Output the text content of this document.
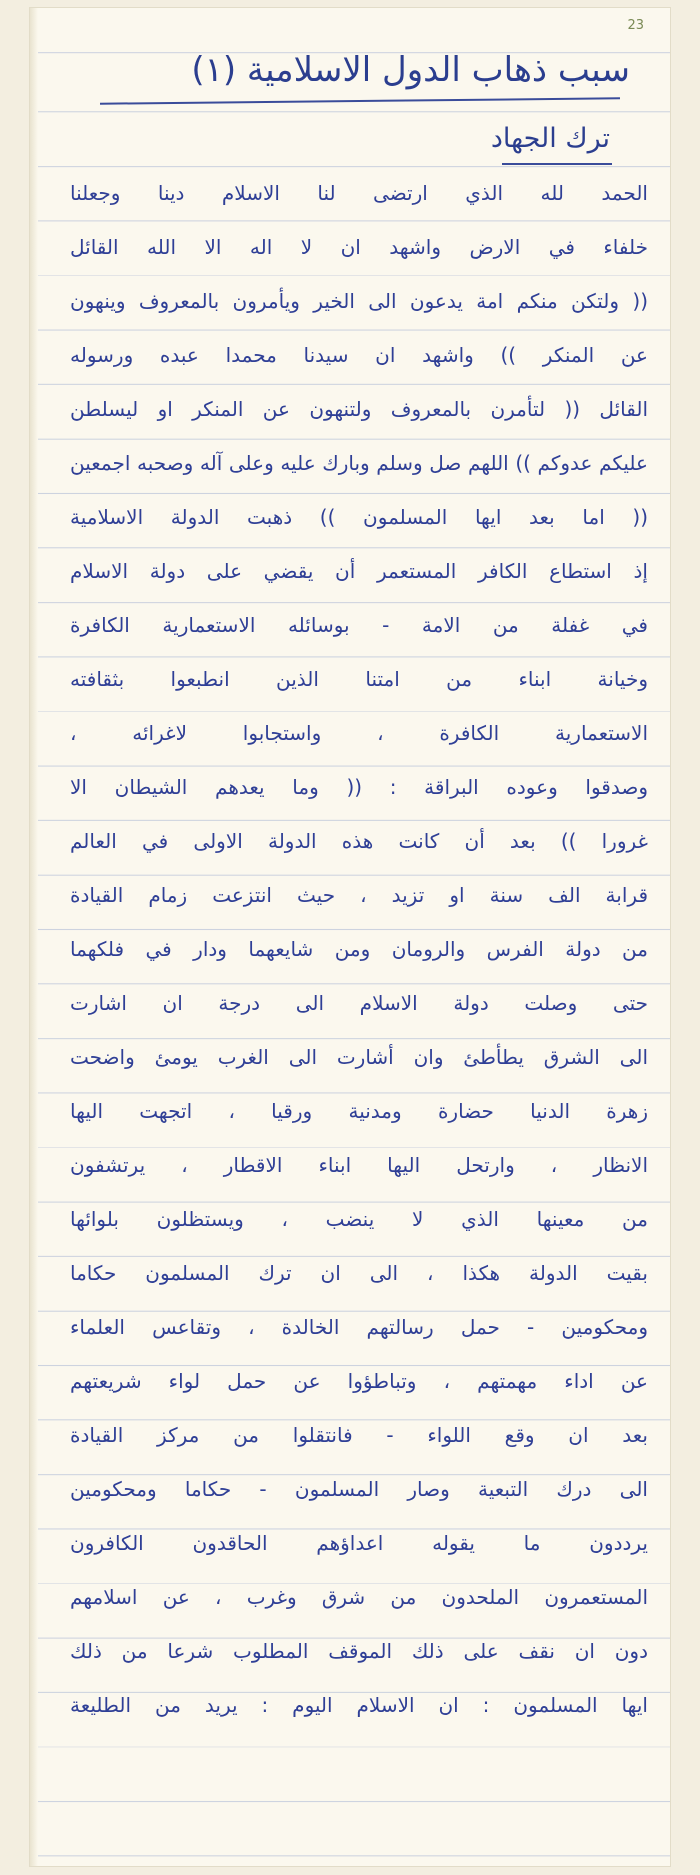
23
سبب ذهاب الدول الاسلامية (١)
ترك الجهاد
الحمد لله الذي ارتضى لنا الاسلام دينا وجعلنا
خلفاء في الارض واشهد ان لا اله الا الله القائل
(( ولتكن منكم امة يدعون الى الخير ويأمرون بالمعروف وينهون
عن المنكر )) واشهد ان سيدنا محمدا عبده ورسوله
القائل (( لتأمرن بالمعروف ولتنهون عن المنكر او ليسلطن
عليكم عدوكم )) اللهم صل وسلم وبارك عليه وعلى آله وصحبه اجمعين
(( اما بعد ايها المسلمون )) ذهبت الدولة الاسلامية
إذ استطاع الكافر المستعمر أن يقضي على دولة الاسلام
في غفلة من الامة - بوسائله الاستعمارية الكافرة
وخيانة ابناء من امتنا الذين انطبعوا بثقافته
الاستعمارية الكافرة ، واستجابوا لاغرائه ،
وصدقوا وعوده البراقة : (( وما يعدهم الشيطان الا
غرورا )) بعد أن كانت هذه الدولة الاولى في العالم
قرابة الف سنة او تزيد ، حيث انتزعت زمام القيادة
من دولة الفرس والرومان ومن شايعهما ودار في فلكهما
حتى وصلت دولة الاسلام الى درجة ان اشارت
الى الشرق يطأطئ وان أشارت الى الغرب يومئ واضحت
زهرة الدنيا حضارة ومدنية ورقيا ، اتجهت اليها
الانظار ، وارتحل اليها ابناء الاقطار ، يرتشفون
من معينها الذي لا ينضب ، ويستظلون بلوائها
بقيت الدولة هكذا ، الى ان ترك المسلمون حكاما
ومحكومين - حمل رسالتهم الخالدة ، وتقاعس العلماء
عن اداء مهمتهم ، وتباطؤوا عن حمل لواء شريعتهم
بعد ان وقع اللواء - فانتقلوا من مركز القيادة
الى درك التبعية وصار المسلمون - حكاما ومحكومين
يرددون ما يقوله اعداؤهم الحاقدون الكافرون
المستعمرون الملحدون من شرق وغرب ، عن اسلامهم
دون ان نقف على ذلك الموقف المطلوب شرعا من ذلك
ايها المسلمون : ان الاسلام اليوم : يريد من الطليعة
